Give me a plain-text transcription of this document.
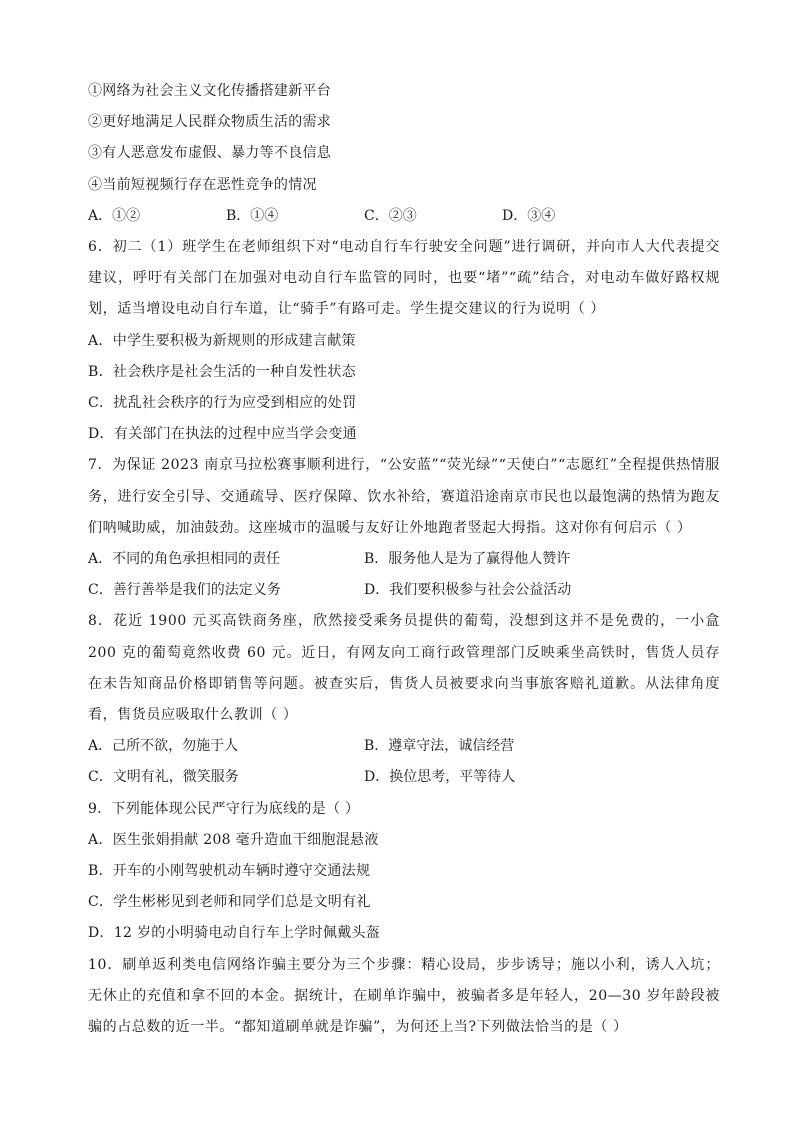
①网络为社会主义文化传播搭建新平台
②更好地满足人民群众物质生活的需求
③有人恶意发布虚假、暴力等不良信息
④当前短视频行存在恶性竞争的情况
A．①②	B．①④	C．②③	D．③④
6．初二（1）班学生在老师组织下对“电动自行车行驶安全问题”进行调研，并向市人大代表提交建议，呼吁有关部门在加强对电动自行车监管的同时，也要“堵”“疏”结合，对电动车做好路权规划，适当增设电动自行车道，让“骑手”有路可走。学生提交建议的行为说明（ ）
A．中学生要积极为新规则的形成建言献策
B．社会秩序是社会生活的一种自发性状态
C．扰乱社会秩序的行为应受到相应的处罚
D．有关部门在执法的过程中应当学会变通
7．为保证 2023 南京马拉松赛事顺利进行，“公安蓝”“荧光绿”“天使白”“志愿红”全程提供热情服务，进行安全引导、交通疏导、医疗保障、饮水补给，赛道沿途南京市民也以最饱满的热情为跑友们呐喊助威，加油鼓劲。这座城市的温暖与友好让外地跑者竖起大拇指。这对你有何启示（ ）
A．不同的角色承担相同的责任	B．服务他人是为了赢得他人赞许
C．善行善举是我们的法定义务	D．我们要积极参与社会公益活动
8．花近 1900 元买高铁商务座，欣然接受乘务员提供的葡萄，没想到这并不是免费的，一小盒 200 克的葡萄竟然收费 60 元。近日，有网友向工商行政管理部门反映乘坐高铁时，售货人员存在未告知商品价格即销售等问题。被查实后，售货人员被要求向当事旅客赔礼道歉。从法律角度看，售货员应吸取什么教训（ ）
A．己所不欲，勿施于人	B．遵章守法，诚信经营
C．文明有礼，微笑服务	D．换位思考，平等待人
9．下列能体现公民严守行为底线的是（ ）
A．医生张娟捐献 208 毫升造血干细胞混悬液
B．开车的小刚驾驶机动车辆时遵守交通法规
C．学生彬彬见到老师和同学们总是文明有礼
D．12 岁的小明骑电动自行车上学时佩戴头盔
10．刷单返利类电信网络诈骗主要分为三个步骤：精心设局，步步诱导；施以小利，诱人入坑；无休止的充值和拿不回的本金。据统计，在刷单诈骗中，被骗者多是年轻人，20—30 岁年龄段被骗的占总数的近一半。“都知道刷单就是诈骗”，为何还上当?下列做法恰当的是（ ）
